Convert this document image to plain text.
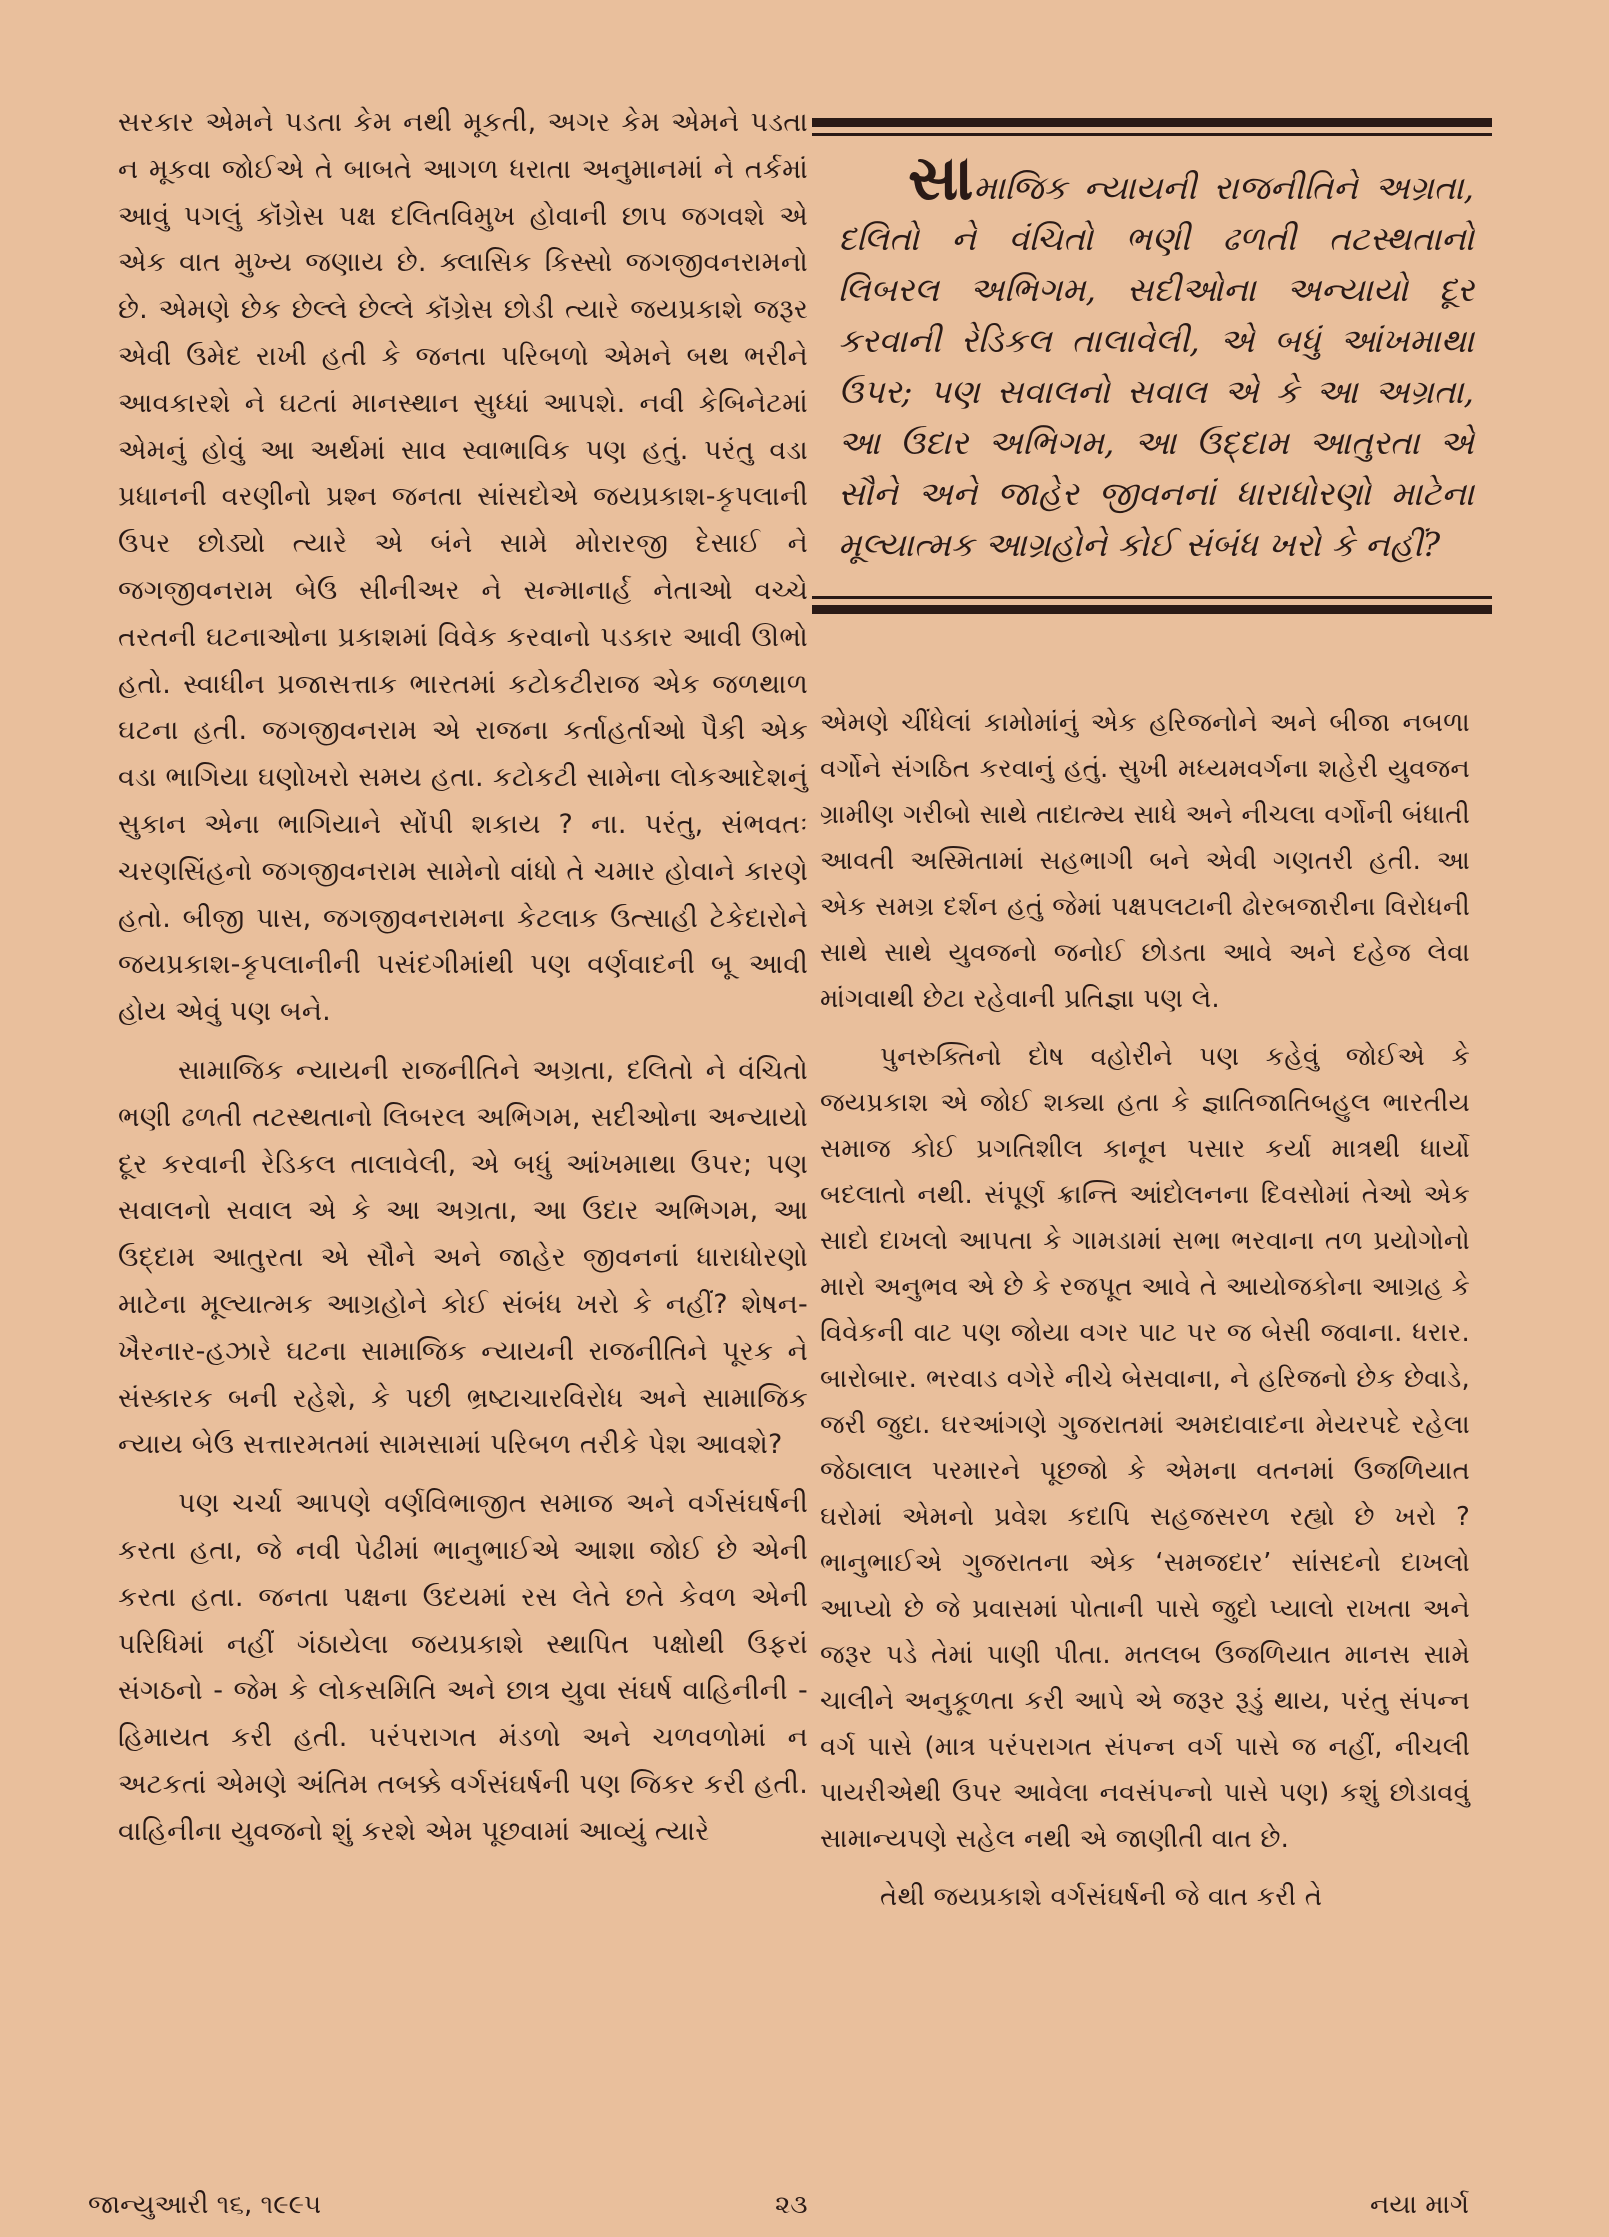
સરકાર એમને પડતા કેમ નથી મૂકતી, અગર કેમ એમને પડતા ન મૂકવા જોઈએ તે બાબતે આગળ ધરાતા અનુમાનમાં ને તર્કમાં આવું પગલું કૉંગ્રેસ પક્ષ દલિતવિમુખ હોવાની છાપ જગવશે એ એક વાત મુખ્ય જણાય છે. ક્લાસિક કિસ્સો જગજીવનરામનો છે. એમણે છેક છેલ્લે છેલ્લે કૉંગ્રેસ છોડી ત્યારે જયપ્રકાશે જરૂર એવી ઉમેદ રાખી હતી કે જનતા પરિબળો એમને બથ ભરીને આવકારશે ને ઘટતાં માનસ્થાન સુધ્ધાં આપશે. નવી કેબિનેટમાં એમનું હોવું આ અર્થમાં સાવ સ્વાભાવિક પણ હતું. પરંતુ વડા પ્રધાનની વરણીનો પ્રશ્ન જનતા સાંસદોએ જયપ્રકાશ-કૃપલાની ઉપર છોડ્યો ત્યારે એ બંને સામે મોરારજી દેસાઈ ને જગજીવનરામ બેઉ સીનીઅર ને સન્માનાર્હ નેતાઓ વચ્ચે તરતની ઘટનાઓના પ્રકાશમાં વિવેક કરવાનો પડકાર આવી ઊભો હતો. સ્વાધીન પ્રજાસત્તાક ભારતમાં કટોકટીરાજ એક જળથાળ ઘટના હતી. જગજીવનરામ એ રાજના કર્તાહર્તાઓ પૈકી એક વડા ભાગિયા ઘણોખરો સમય હતા. કટોકટી સામેના લોકઆદેશનું સુકાન એના ભાગિયાને સોંપી શકાય ? ના. પરંતુ, સંભવતઃ ચરણસિંહનો જગજીવનરામ સામેનો વાંધો તે ચમાર હોવાને કારણે હતો. બીજી પાસ, જગજીવનરામના કેટલાક ઉત્સાહી ટેકેદારોને જયપ્રકાશ-કૃપલાનીની પસંદગીમાંથી પણ વર્ણવાદની બૂ આવી હોય એવું પણ બને.

સામાજિક ન્યાયની રાજનીતિને અગ્રતા, દલિતો ને વંચિતો ભણી ઢળતી તટસ્થતાનો લિબરલ અભિગમ, સદીઓના અન્યાયો દૂર કરવાની રેડિકલ તાલાવેલી, એ બધું આંખમાથા ઉપર; પણ સવાલનો સવાલ એ કે આ અગ્રતા, આ ઉદાર અભિગમ, આ ઉદ્દામ આતુરતા એ સૌને અને જાહેર જીવનનાં ધારાધોરણો માટેના મૂલ્યાત્મક આગ્રહોને કોઈ સંબંધ ખરો કે નહીં? શેષન-ખૈરનાર-હઝારે ઘટના સામાજિક ન્યાયની રાજનીતિને પૂરક ને સંસ્કારક બની રહેશે, કે પછી ભ્રષ્ટાચારવિરોધ અને સામાજિક ન્યાય બેઉ સત્તારમતમાં સામસામાં પરિબળ તરીકે પેશ આવશે?

પણ ચર્ચા આપણે વર્ણવિભાજીત સમાજ અને વર્ગસંઘર્ષની કરતા હતા, જે નવી પેઢીમાં ભાનુભાઈએ આશા જોઈ છે એની કરતા હતા. જનતા પક્ષના ઉદયમાં રસ લેતે છતે કેવળ એની પરિધિમાં નહીં ગંઠાયેલા જયપ્રકાશે સ્થાપિત પક્ષોથી ઉફરાં સંગઠનો - જેમ કે લોકસમિતિ અને છાત્ર યુવા સંઘર્ષ વાહિનીની - હિમાયત કરી હતી. પરંપરાગત મંડળો અને ચળવળોમાં ન અટકતાં એમણે અંતિમ તબક્કે વર્ગસંઘર્ષની પણ જિકર કરી હતી. વાહિનીના યુવજનો શું કરશે એમ પૂછવામાં આવ્યું ત્યારે

સામાજિક ન્યાયની રાજનીતિને અગ્રતા, દલિતો ને વંચિતો ભણી ઢળતી તટસ્થતાનો લિબરલ અભિગમ, સદીઓના અન્યાયો દૂર કરવાની રેડિકલ તાલાવેલી, એ બધું આંખમાથા ઉપર; પણ સવાલનો સવાલ એ કે આ અગ્રતા, આ ઉદાર અભિગમ, આ ઉદ્દામ આતુરતા એ સૌને અને જાહેર જીવનનાં ધારાધોરણો માટેના મૂલ્યાત્મક આગ્રહોને કોઈ સંબંધ ખરો કે નહીં?

એમણે ચીંધેલાં કામોમાંનું એક હરિજનોને અને બીજા નબળા વર્ગોને સંગઠિત કરવાનું હતું. સુખી મધ્યમવર્ગના શહેરી યુવજન ગ્રામીણ ગરીબો સાથે તાદાત્મ્ય સાધે અને નીચલા વર્ગોની બંધાતી આવતી અસ્મિતામાં સહભાગી બને એવી ગણતરી હતી. આ એક સમગ્ર દર્શન હતું જેમાં પક્ષપલટાની ઢોરબજારીના વિરોધની સાથે સાથે યુવજનો જનોઈ છોડતા આવે અને દહેજ લેવા માંગવાથી છેટા રહેવાની પ્રતિજ્ઞા પણ લે.

પુનરુક્તિનો દોષ વહોરીને પણ કહેવું જોઈએ કે જયપ્રકાશ એ જોઈ શક્યા હતા કે જ્ઞાતિજાતિબહુલ ભારતીય સમાજ કોઈ પ્રગતિશીલ કાનૂન પસાર કર્યા માત્રથી ધાર્યો બદલાતો નથી. સંપૂર્ણ ક્રાન્તિ આંદોલનના દિવસોમાં તેઓ એક સાદો દાખલો આપતા કે ગામડામાં સભા ભરવાના તળ પ્રયોગોનો મારો અનુભવ એ છે કે રજપૂત આવે તે આયોજકોના આગ્રહ કે વિવેકની વાટ પણ જોયા વગર પાટ પર જ બેસી જવાના. ધરાર. બારોબાર. ભરવાડ વગેરે નીચે બેસવાના, ને હરિજનો છેક છેવાડે, જરી જુદા. ઘરઆંગણે ગુજરાતમાં અમદાવાદના મેયરપદે રહેલા જેઠાલાલ પરમારને પૂછજો કે એમના વતનમાં ઉજળિયાત ઘરોમાં એમનો પ્રવેશ કદાપિ સહજસરળ રહ્યો છે ખરો ? ભાનુભાઈએ ગુજરાતના એક ‘સમજદાર’ સાંસદનો દાખલો આપ્યો છે જે પ્રવાસમાં પોતાની પાસે જુદો પ્યાલો રાખતા અને જરૂર પડે તેમાં પાણી પીતા. મતલબ ઉજળિયાત માનસ સામે ચાલીને અનુકૂળતા કરી આપે એ જરૂર રૂડું થાય, પરંતુ સંપન્ન વર્ગ પાસે (માત્ર પરંપરાગત સંપન્ન વર્ગ પાસે જ નહીં, નીચલી પાયરીએથી ઉપર આવેલા નવસંપન્નો પાસે પણ) કશું છોડાવવું સામાન્યપણે સહેલ નથી એ જાણીતી વાત છે.

તેથી જયપ્રકાશે વર્ગસંઘર્ષની જે વાત કરી તે

જાન્યુઆરી ૧૬, ૧૯૯૫	૨૩	નયા માર્ગ
